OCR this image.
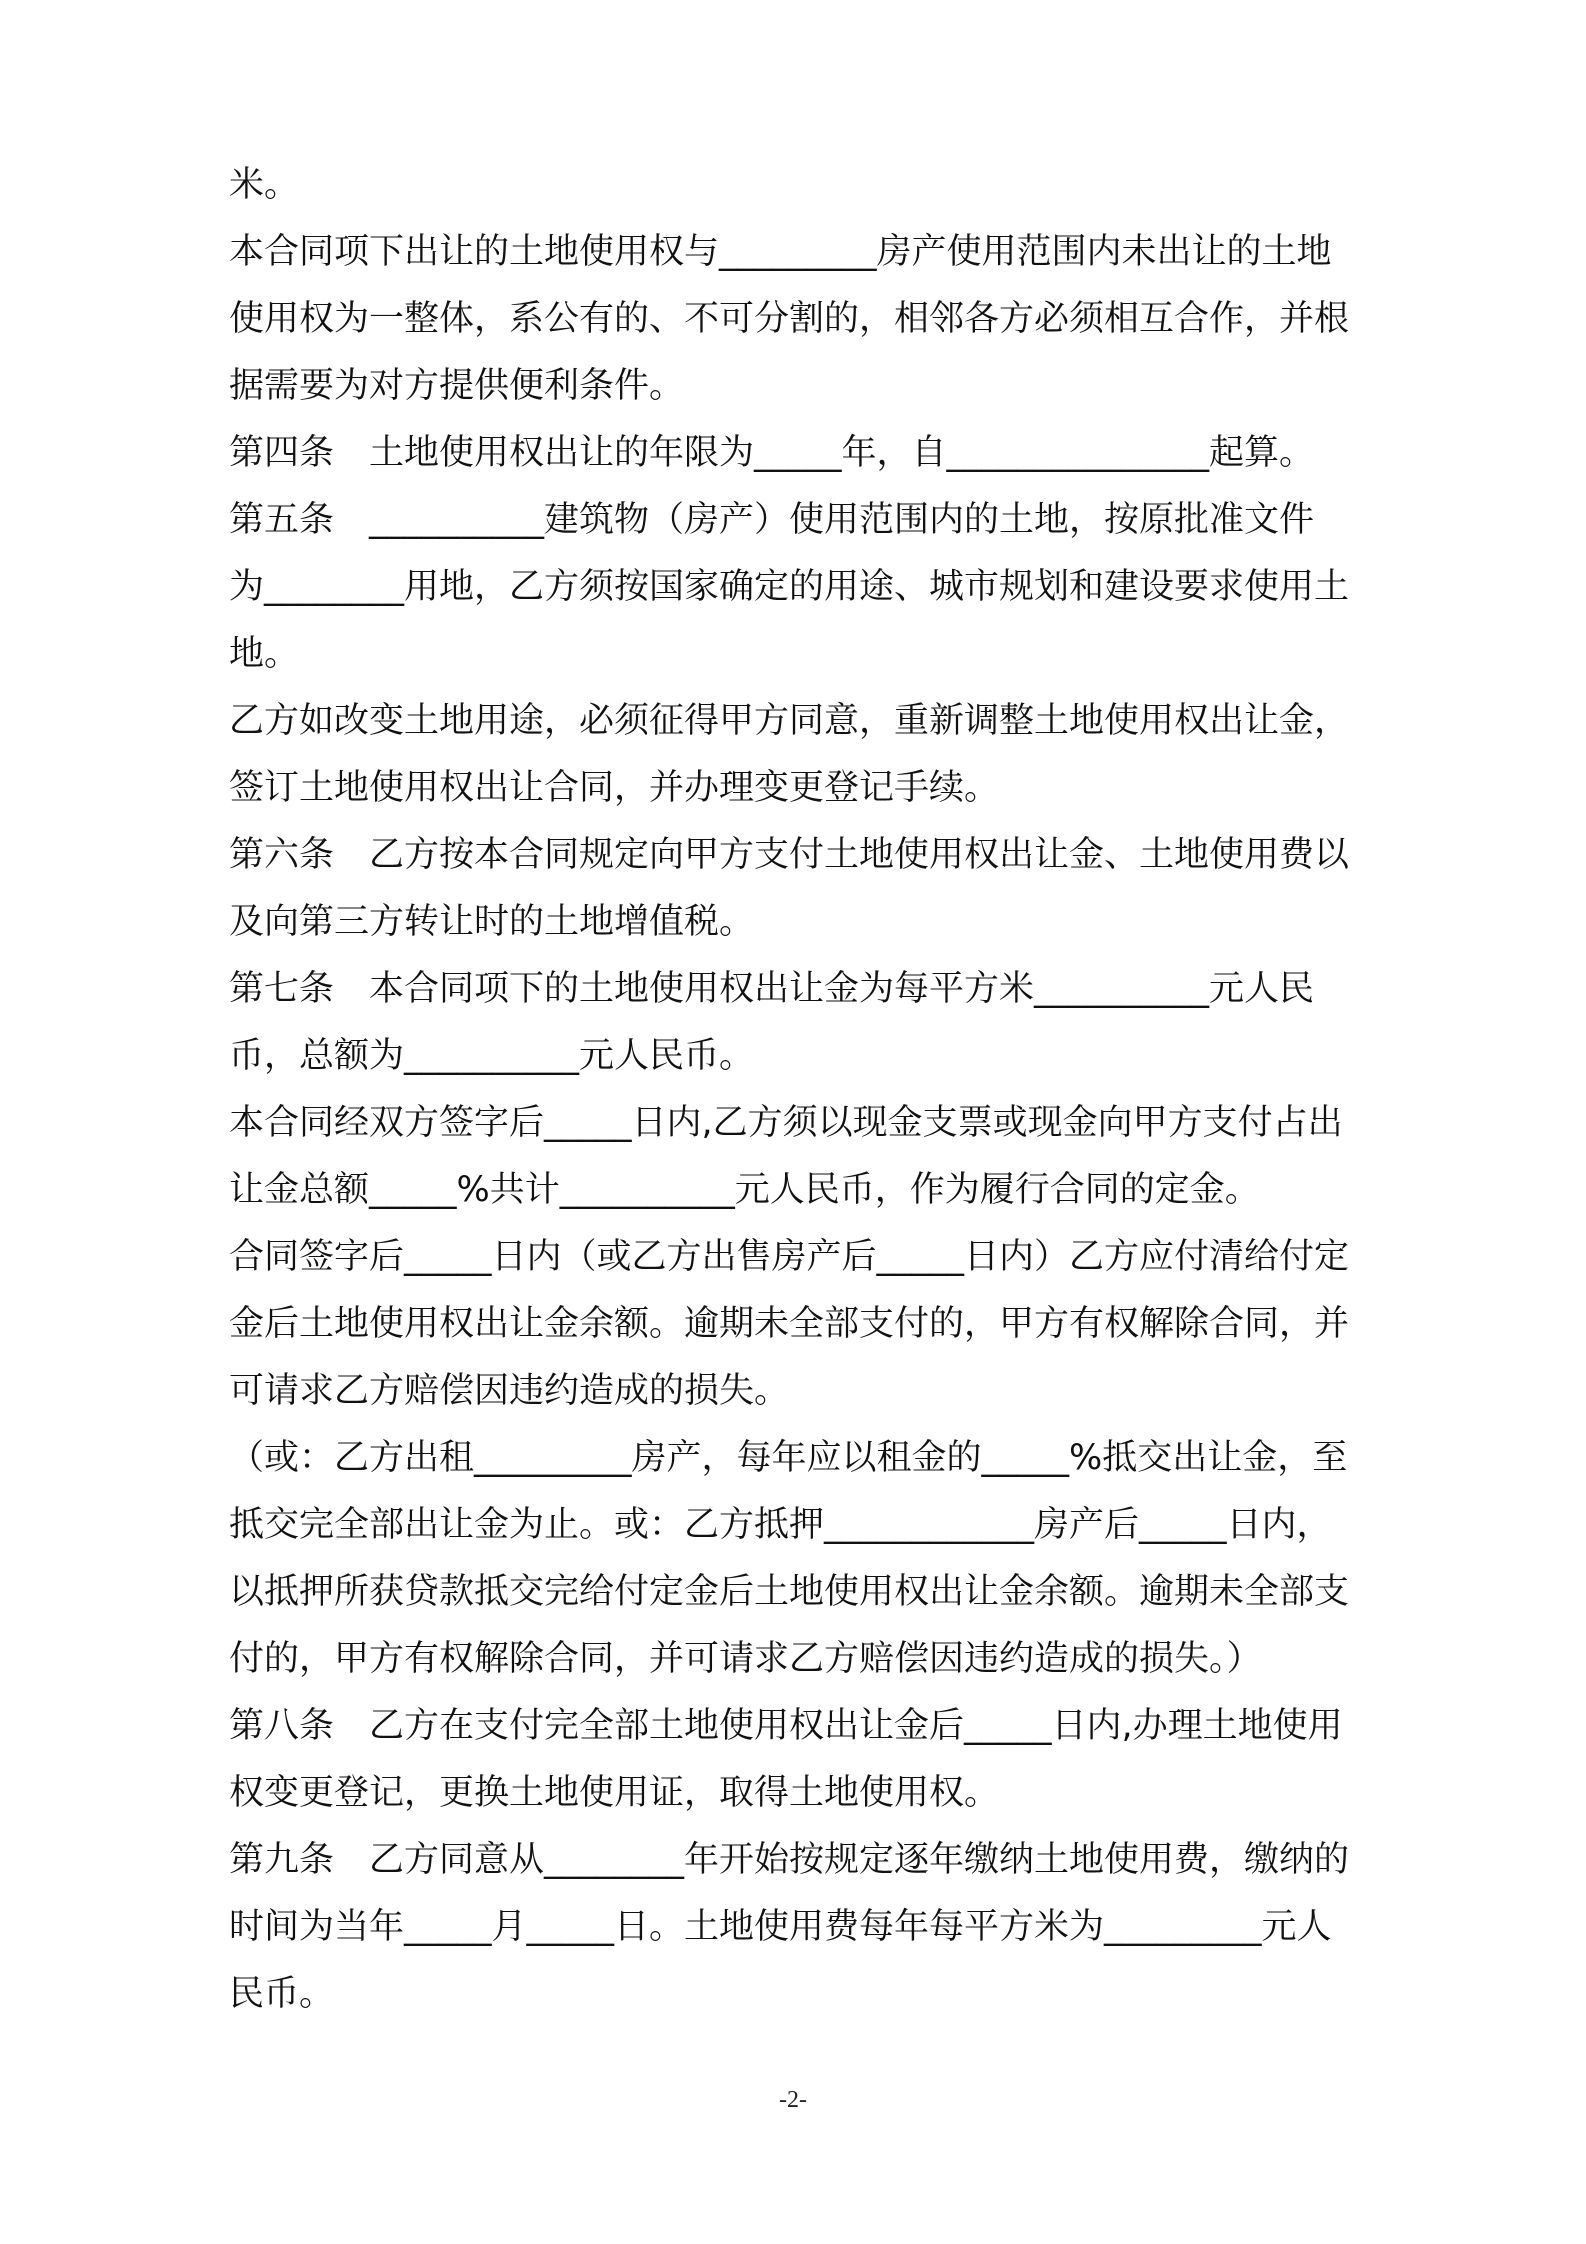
米。
本合同项下出让的土地使用权与_________房产使用范围内未出让的土地
使用权为一整体，系公有的、不可分割的，相邻各方必须相互合作，并根
据需要为对方提供便利条件。
第四条　土地使用权出让的年限为_____年，自_______________起算。
第五条　__________建筑物（房产）使用范围内的土地，按原批准文件
为________用地，乙方须按国家确定的用途、城市规划和建设要求使用土
地。
乙方如改变土地用途，必须征得甲方同意，重新调整土地使用权出让金，
签订土地使用权出让合同，并办理变更登记手续。
第六条　乙方按本合同规定向甲方支付土地使用权出让金、土地使用费以
及向第三方转让时的土地增值税。
第七条　本合同项下的土地使用权出让金为每平方米__________元人民
币，总额为__________元人民币。
本合同经双方签字后_____日内,乙方须以现金支票或现金向甲方支付占出
让金总额_____%共计__________元人民币，作为履行合同的定金。
合同签字后_____日内（或乙方出售房产后_____日内）乙方应付清给付定
金后土地使用权出让金余额。逾期未全部支付的，甲方有权解除合同，并
可请求乙方赔偿因违约造成的损失。
（或：乙方出租_________房产，每年应以租金的_____%抵交出让金，至
抵交完全部出让金为止。或：乙方抵押____________房产后_____日内，
以抵押所获贷款抵交完给付定金后土地使用权出让金余额。逾期未全部支
付的，甲方有权解除合同，并可请求乙方赔偿因违约造成的损失。）
第八条　乙方在支付完全部土地使用权出让金后_____日内,办理土地使用
权变更登记，更换土地使用证，取得土地使用权。
第九条　乙方同意从________年开始按规定逐年缴纳土地使用费，缴纳的
时间为当年_____月_____日。土地使用费每年每平方米为_________元人
民币。
-2-
